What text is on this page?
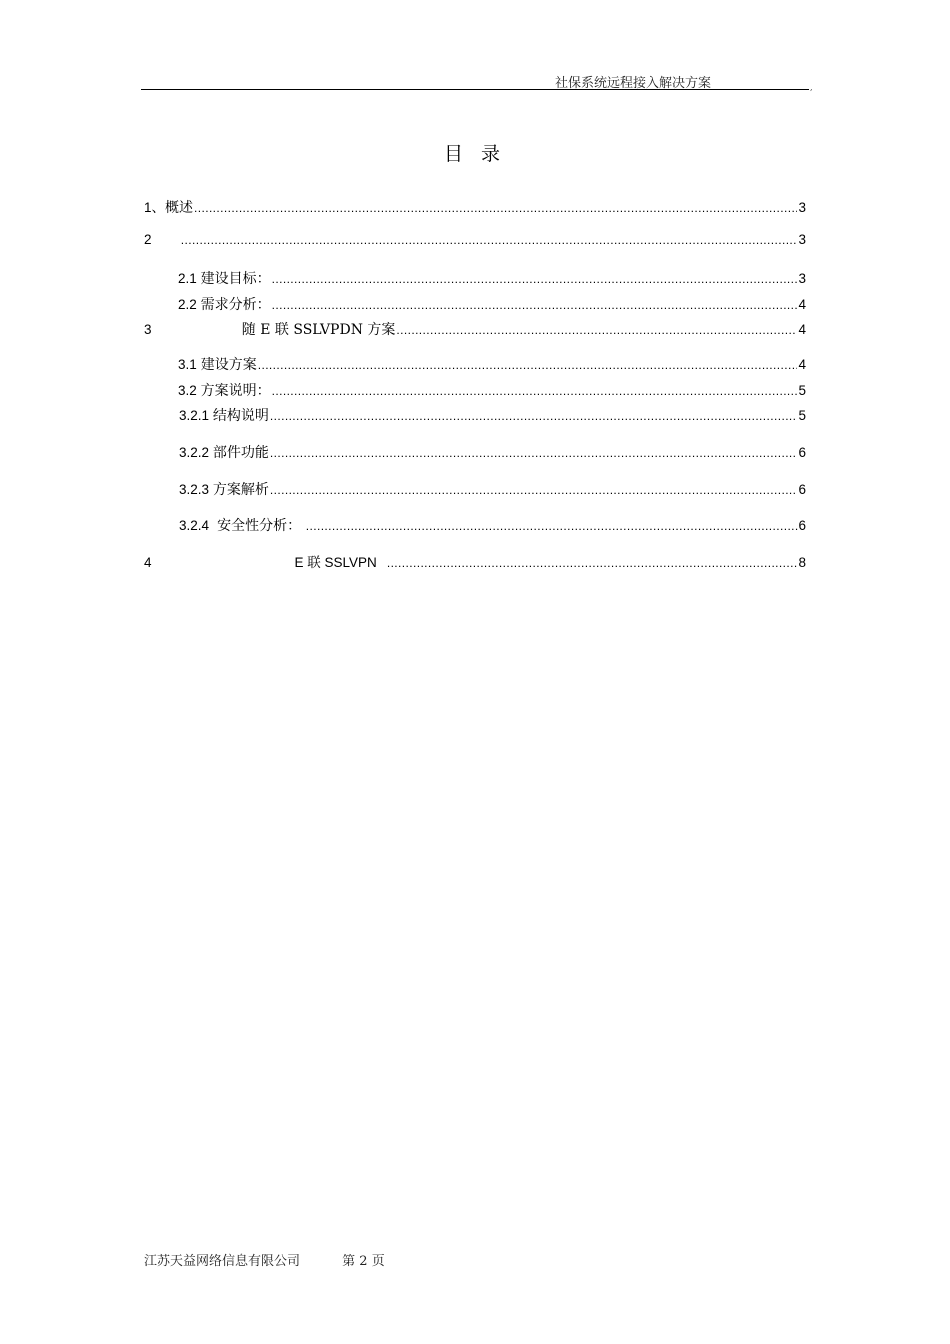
社保系统远程接入解决方案	,
目 录
1、 概述 .....	3
2 .....	3
2.1 建设目标： .....	3
2.2 需求分析： .....	4
3	随 E 联 SSLVPDN 方案 .....	4
3.1 建设方案 .....	4
3.2 方案说明： .....	5
3.2.1 结构说明 .....	5
3.2.2 部件功能 .....	6
3.2.3 方案解析 .....	6
3.2.4 安全性分析： .....	6
4	E 联 SSLVPN .....	8
江苏天益网络信息有限公司	第 2 页
